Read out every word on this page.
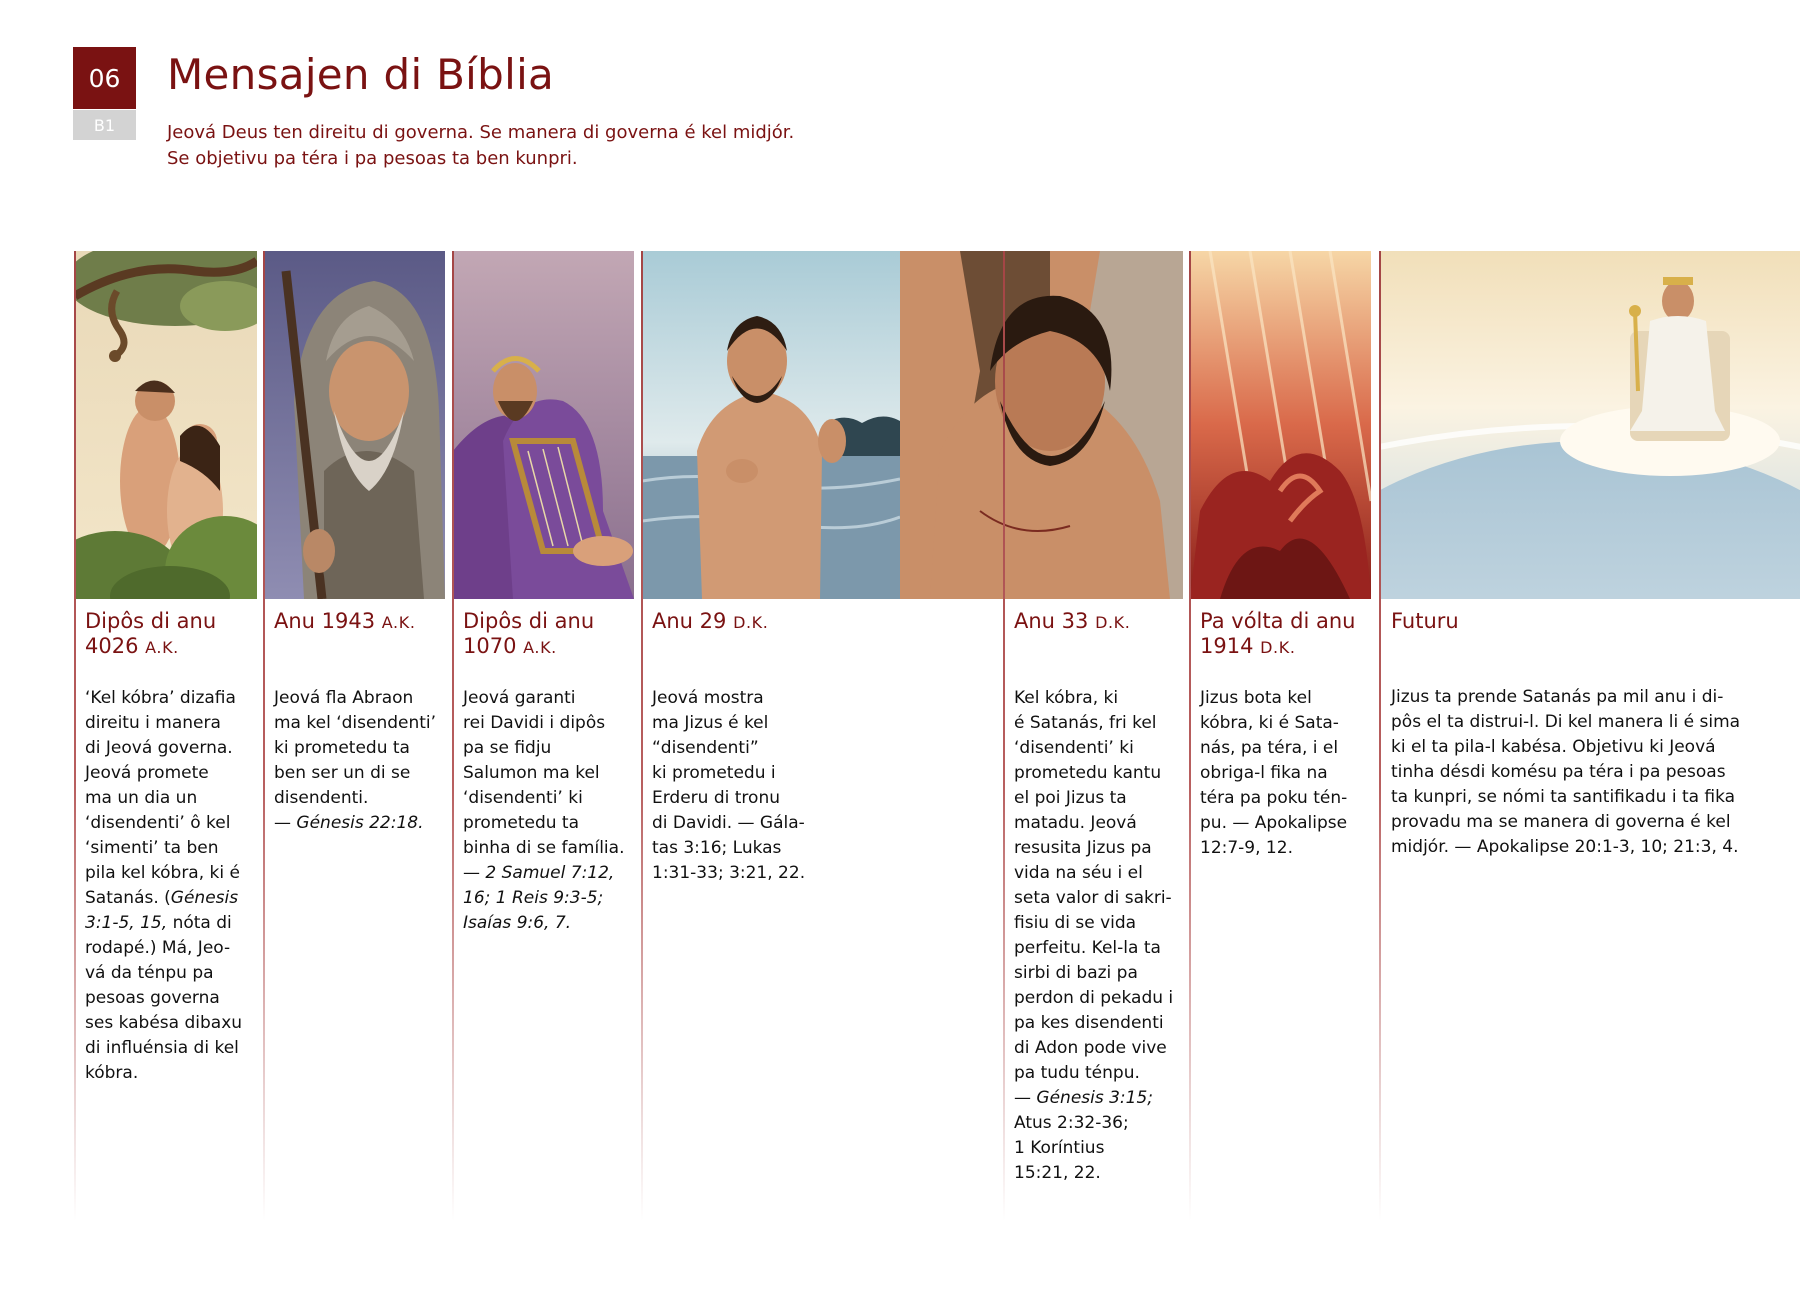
06
B1
Mensajen di Bíblia
Jeová Deus ten direitu di governa. Se manera di governa é kel midjór.
Se objetivu pa téra i pa pesoas ta ben kunpri.
Dipôs di anu
4026 A.K.
‘Kel kóbra’ dizafia
direitu i manera
di Jeová governa.
Jeová promete
ma un dia un
‘disendenti’ ô kel
‘simenti’ ta ben
pila kel kóbra, ki é
Satanás. (Génesis
3:1-5, 15, nóta di
rodapé.) Má, Jeo-
vá da ténpu pa
pesoas governa
ses kabésa dibaxu
di influénsia di kel
kóbra.
Anu 1943 A.K.
Jeová fla Abraon
ma kel ‘disendenti’
ki prometedu ta
ben ser un di se
disendenti.
— Génesis 22:18.
Dipôs di anu
1070 A.K.
Jeová garanti
rei Davidi i dipôs
pa se fidju
Salumon ma kel
‘disendenti’ ki
prometedu ta
binha di se família.
— 2 Samuel 7:12,
16; 1 Reis 9:3-5;
Isaías 9:6, 7.
Anu 29 D.K.
Jeová mostra
ma Jizus é kel
“disendenti”
ki prometedu i
Erderu di tronu
di Davidi. — Gála-
tas 3:16; Lukas
1:31-33; 3:21, 22.
Anu 33 D.K.
Kel kóbra, ki
é Satanás, fri kel
‘disendenti’ ki
prometedu kantu
el poi Jizus ta
matadu. Jeová
resusita Jizus pa
vida na séu i el
seta valor di sakri-
fisiu di se vida
perfeitu. Kel-la ta
sirbi di bazi pa
perdon di pekadu i
pa kes disendenti
di Adon pode vive
pa tudu ténpu.
— Génesis 3:15;
Atus 2:32-36;
1 Koríntius
15:21, 22.
Pa vólta di anu
1914 D.K.
Jizus bota kel
kóbra, ki é Sata-
nás, pa téra, i el
obriga-l fika na
téra pa poku tén-
pu. — Apokalipse
12:7-9, 12.
Futuru
Jizus ta prende Satanás pa mil anu i di-
pôs el ta distrui-l. Di kel manera li é sima
ki el ta pila-l kabésa. Objetivu ki Jeová
tinha désdi komésu pa téra i pa pesoas
ta kunpri, se nómi ta santifikadu i ta fika
provadu ma se manera di governa é kel
midjór. — Apokalipse 20:1-3, 10; 21:3, 4.
